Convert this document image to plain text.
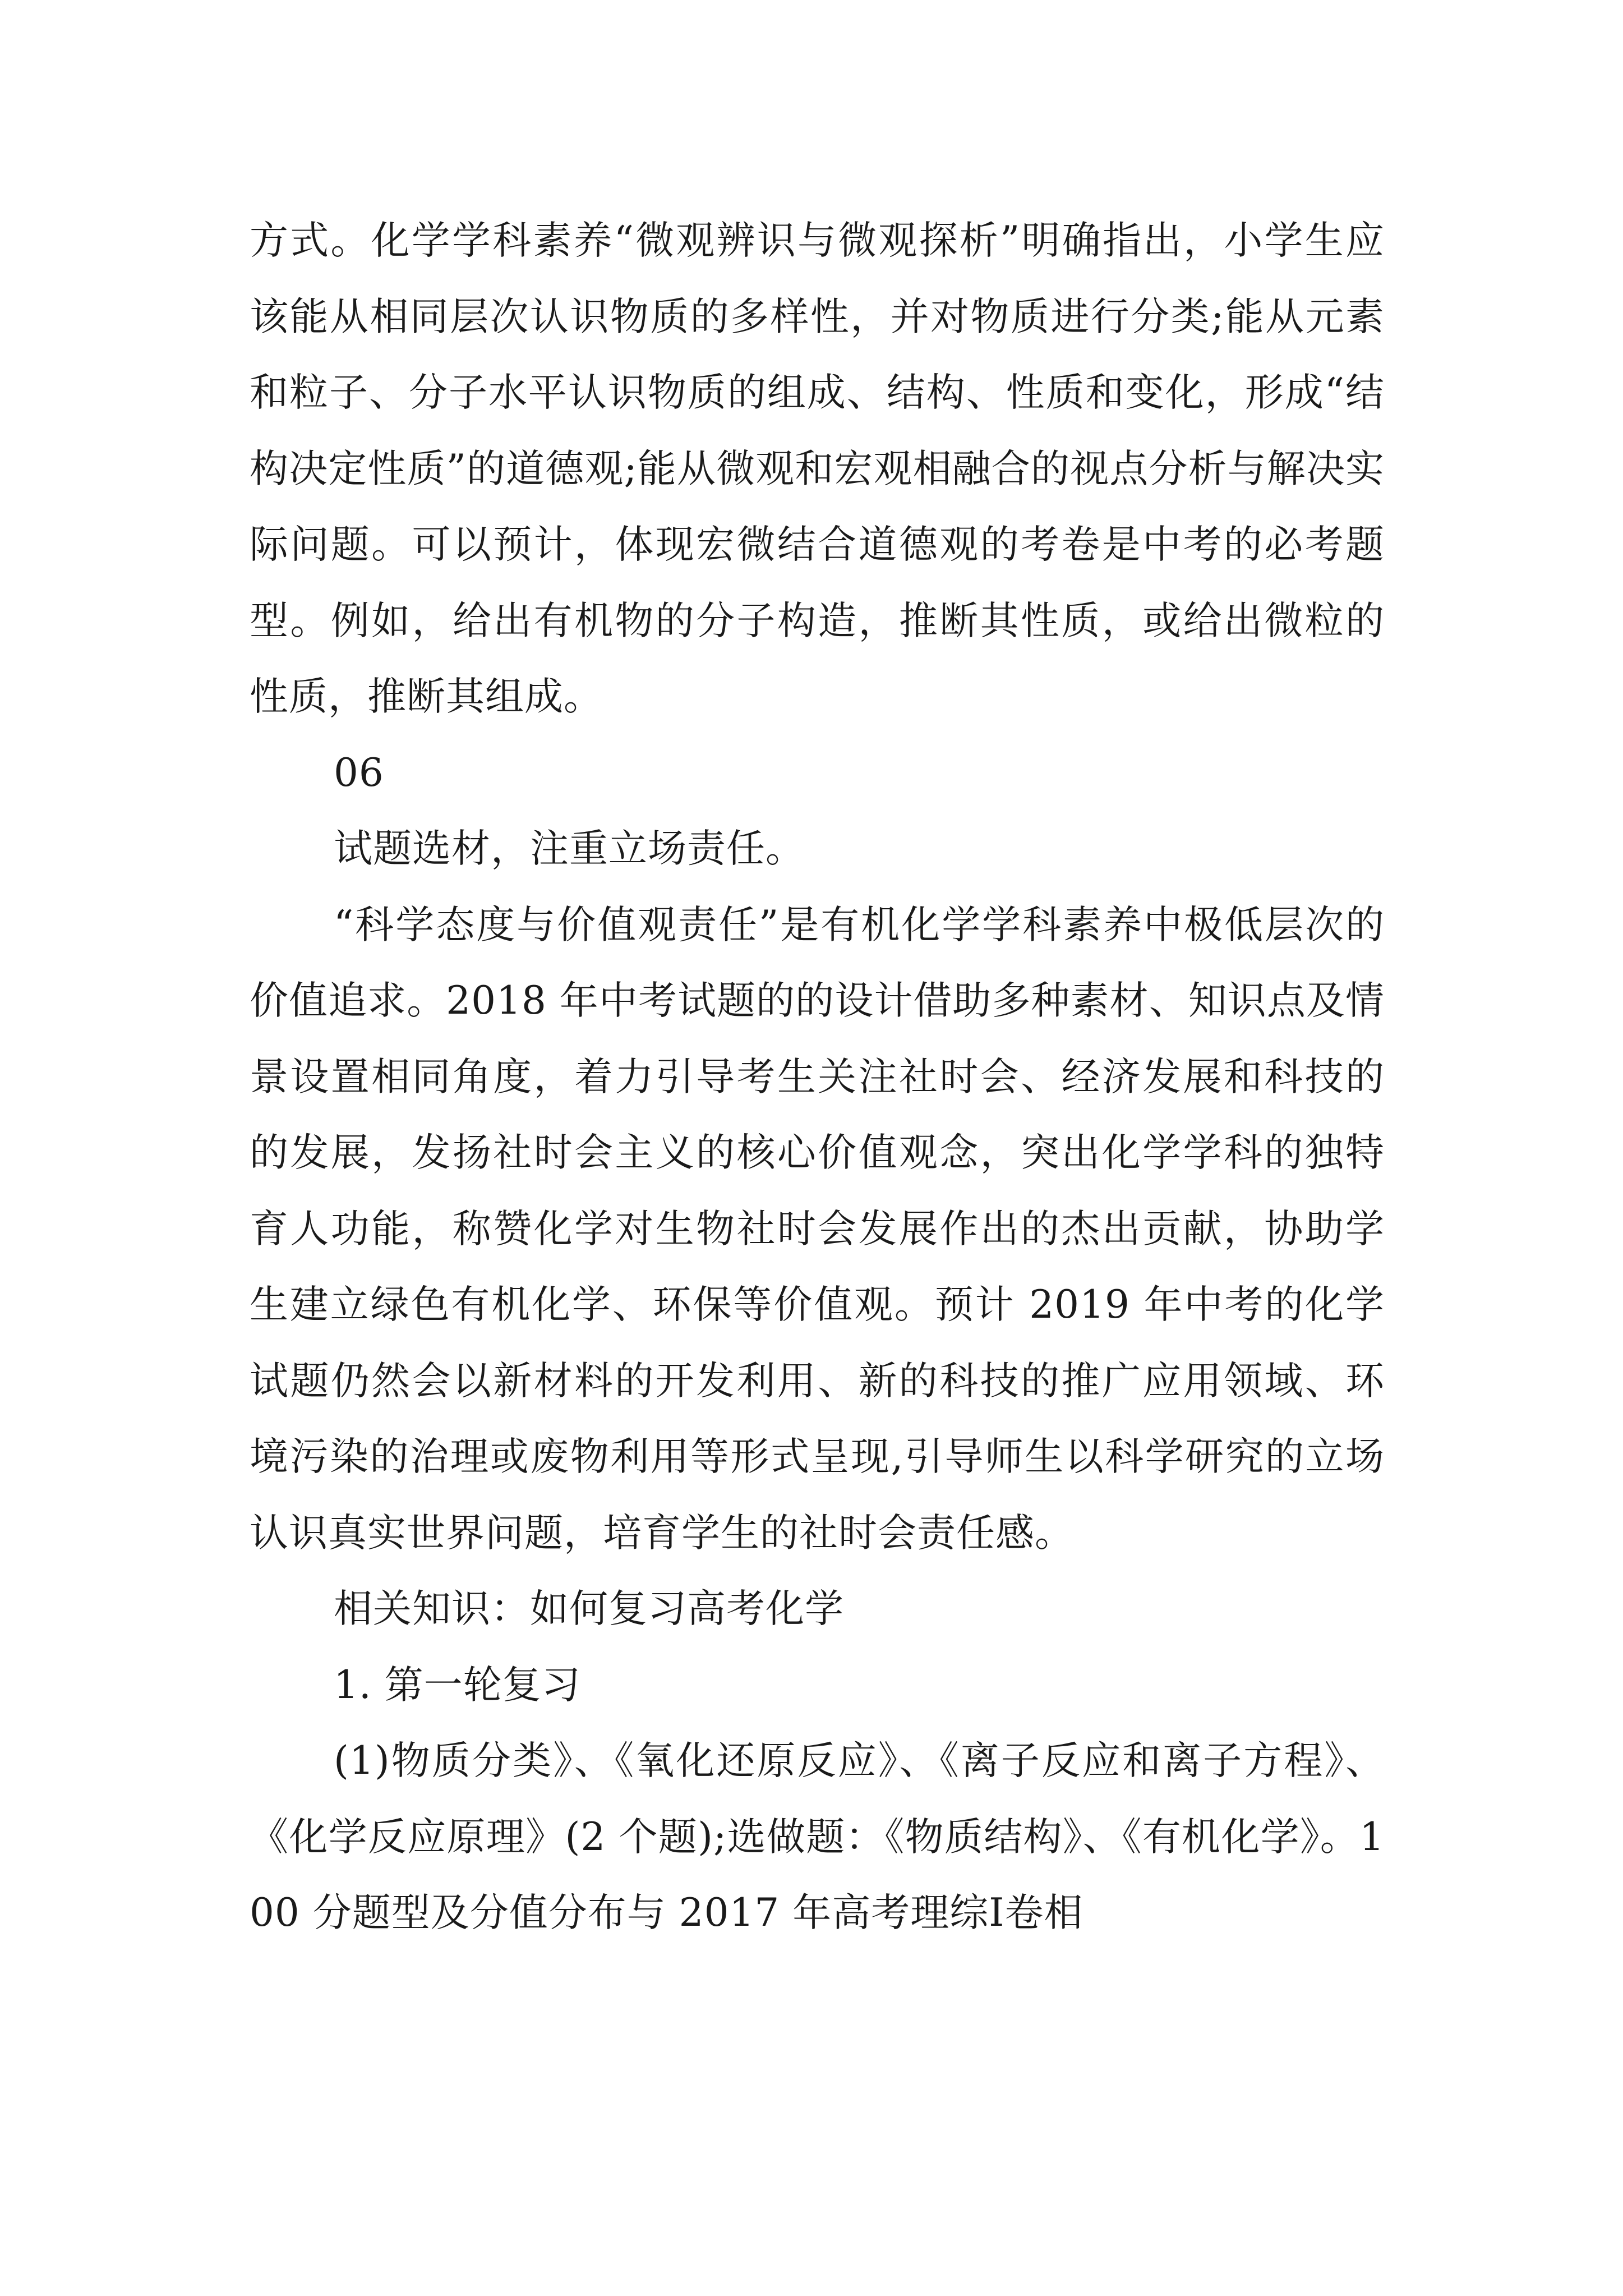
方式。化学学科素养“微观辨识与微观探析”明确指出，小学生应该能从相同层次认识物质的多样性，并对物质进行分类;能从元素和粒子、分子水平认识物质的组成、结构、性质和变化，形成“结构决定性质”的道德观;能从微观和宏观相融合的视点分析与解决实际问题。可以预计，体现宏微结合道德观的考卷是中考的必考题型。例如，给出有机物的分子构造，推断其性质，或给出微粒的性质，推断其组成。

06

试题选材，注重立场责任。

“科学态度与价值观责任”是有机化学学科素养中极低层次的价值追求。2018 年中考试题的的设计借助多种素材、知识点及情景设置相同角度，着力引导考生关注社时会、经济发展和科技的的发展，发扬社时会主义的核心价值观念，突出化学学科的独特育人功能，称赞化学对生物社时会发展作出的杰出贡献，协助学生建立绿色有机化学、环保等价值观。预计 2019 年中考的化学试题仍然会以新材料的开发利用、新的科技的推广应用领域、环境污染的治理或废物利用等形式呈现,引导师生以科学研究的立场认识真实世界问题，培育学生的社时会责任感。

相关知识：如何复习高考化学

1. 第一轮复习

(1)物质分类》、《氧化还原反应》、《离子反应和离子方程》、《化学反应原理》(2 个题);选做题：《物质结构》、《有机化学》。100 分题型及分值分布与 2017 年高考理综Ⅰ卷相
